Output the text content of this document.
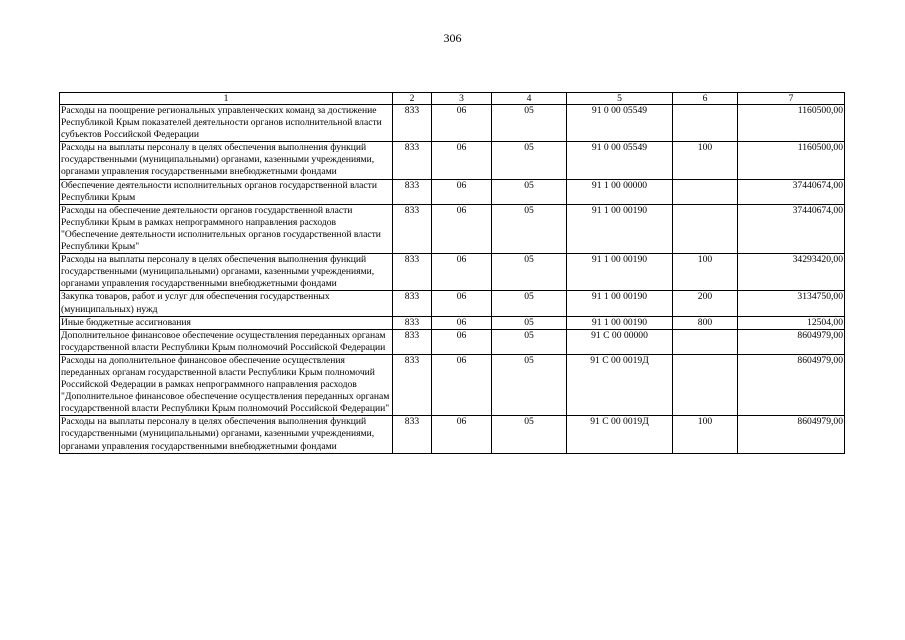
306
1	2	3	4	5	6	7
Расходы на поощрение региональных управленческих команд за достижение Республикой Крым показателей деятельности органов исполнительной власти субъектов Российской Федерации	833	06	05	91 0 00 05549		1160500,00
Расходы на выплаты персоналу в целях обеспечения выполнения функций государственными (муниципальными) органами, казенными учреждениями, органами управления государственными внебюджетными фондами	833	06	05	91 0 00 05549	100	1160500,00
Обеспечение деятельности исполнительных органов государственной власти Республики Крым	833	06	05	91 1 00 00000		37440674,00
Расходы на обеспечение деятельности органов государственной власти Республики Крым в рамках непрограммного направления расходов "Обеспечение деятельности исполнительных органов государственной власти Республики Крым"	833	06	05	91 1 00 00190		37440674,00
Расходы на выплаты персоналу в целях обеспечения выполнения функций государственными (муниципальными) органами, казенными учреждениями, органами управления государственными внебюджетными фондами	833	06	05	91 1 00 00190	100	34293420,00
Закупка товаров, работ и услуг для обеспечения государственных (муниципальных) нужд	833	06	05	91 1 00 00190	200	3134750,00
Иные бюджетные ассигнования	833	06	05	91 1 00 00190	800	12504,00
Дополнительное финансовое обеспечение осуществления переданных органам государственной власти Республики Крым полномочий Российской Федерации	833	06	05	91 С 00 00000		8604979,00
Расходы на дополнительное финансовое обеспечение осуществления переданных органам государственной власти Республики Крым полномочий Российской Федерации в рамках непрограммного направления расходов "Дополнительное финансовое обеспечение осуществления переданных органам государственной власти Республики Крым полномочий Российской Федерации"	833	06	05	91 С 00 0019Д		8604979,00
Расходы на выплаты персоналу в целях обеспечения выполнения функций государственными (муниципальными) органами, казенными учреждениями, органами управления государственными внебюджетными фондами	833	06	05	91 С 00 0019Д	100	8604979,00
